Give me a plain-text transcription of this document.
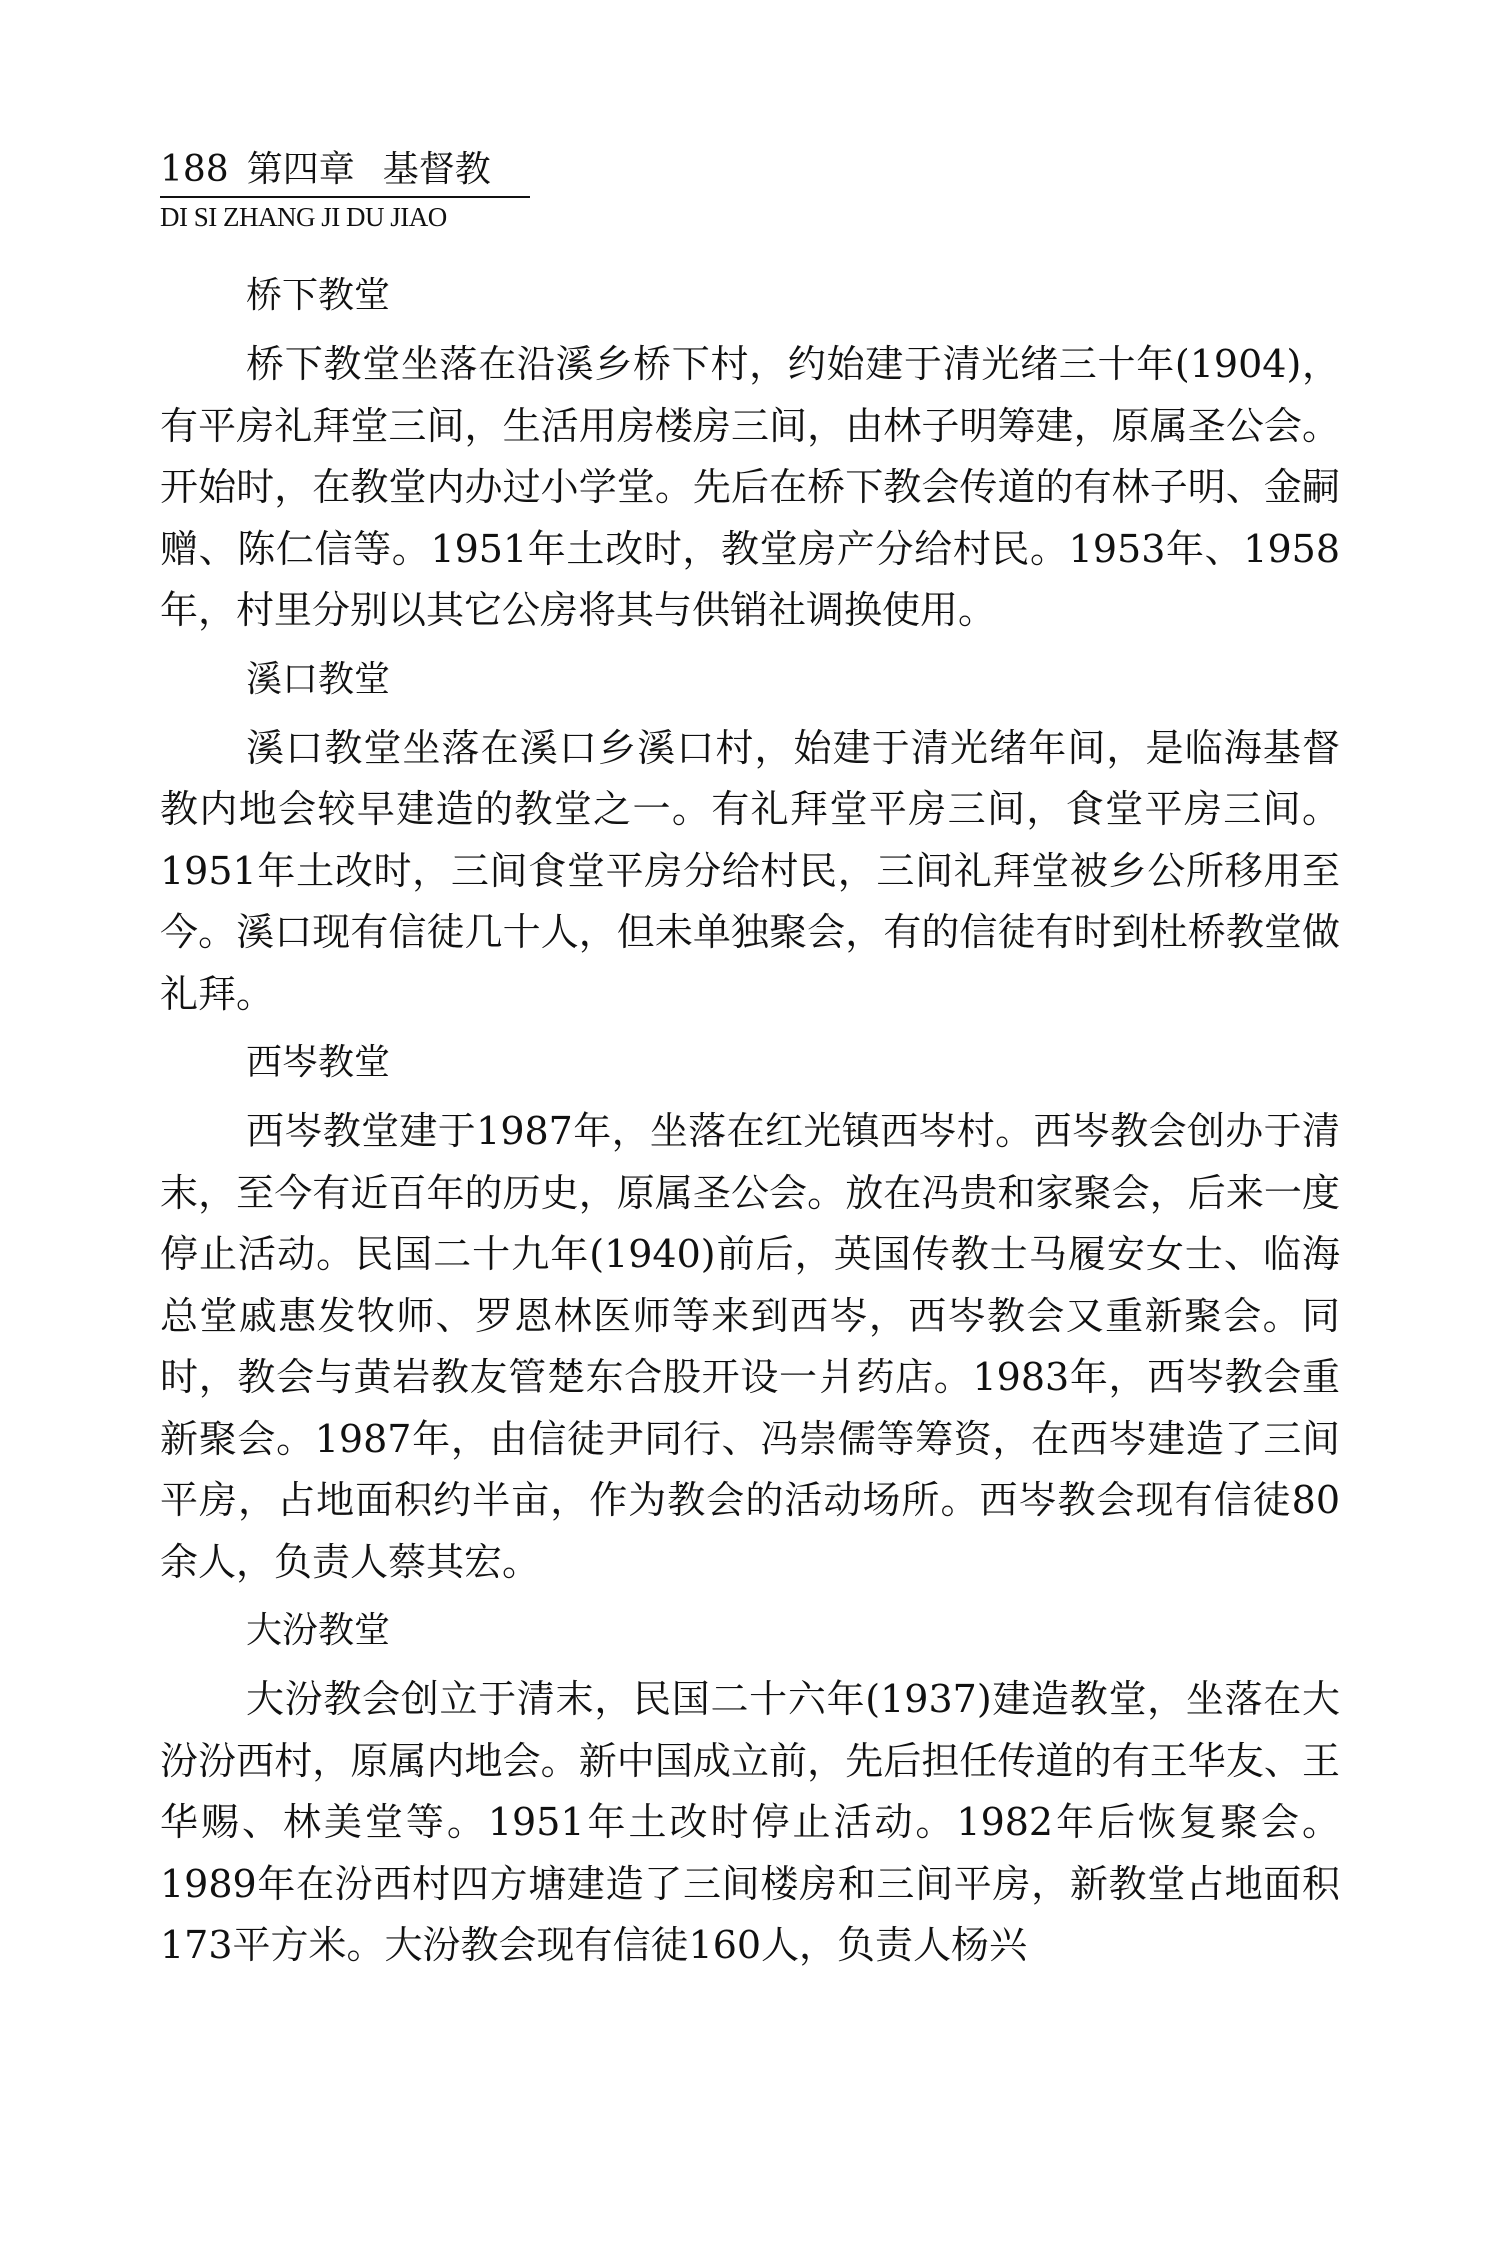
188 第四章 基督教
DI SI ZHANG JI DU JIAO
桥下教堂

桥下教堂坐落在沿溪乡桥下村，约始建于清光绪三十年(1904)，有平房礼拜堂三间，生活用房楼房三间，由林子明筹建，原属圣公会。开始时，在教堂内办过小学堂。先后在桥下教会传道的有林子明、金嗣赠、陈仁信等。1951年土改时，教堂房产分给村民。1953年、1958年，村里分别以其它公房将其与供销社调换使用。

溪口教堂

溪口教堂坐落在溪口乡溪口村，始建于清光绪年间，是临海基督教内地会较早建造的教堂之一。有礼拜堂平房三间，食堂平房三间。1951年土改时，三间食堂平房分给村民，三间礼拜堂被乡公所移用至今。溪口现有信徒几十人，但未单独聚会，有的信徒有时到杜桥教堂做礼拜。

西岑教堂

西岑教堂建于1987年，坐落在红光镇西岑村。西岑教会创办于清末，至今有近百年的历史，原属圣公会。放在冯贵和家聚会，后来一度停止活动。民国二十九年(1940)前后，英国传教士马履安女士、临海总堂戚惠发牧师、罗恩林医师等来到西岑，西岑教会又重新聚会。同时，教会与黄岩教友管楚东合股开设一爿药店。1983年，西岑教会重新聚会。1987年，由信徒尹同行、冯崇儒等筹资，在西岑建造了三间平房，占地面积约半亩，作为教会的活动场所。西岑教会现有信徒80余人，负责人蔡其宏。

大汾教堂

大汾教会创立于清末，民国二十六年(1937)建造教堂，坐落在大汾汾西村，原属内地会。新中国成立前，先后担任传道的有王华友、王华赐、林美堂等。1951年土改时停止活动。1982年后恢复聚会。1989年在汾西村四方塘建造了三间楼房和三间平房，新教堂占地面积173平方米。大汾教会现有信徒160人，负责人杨兴
